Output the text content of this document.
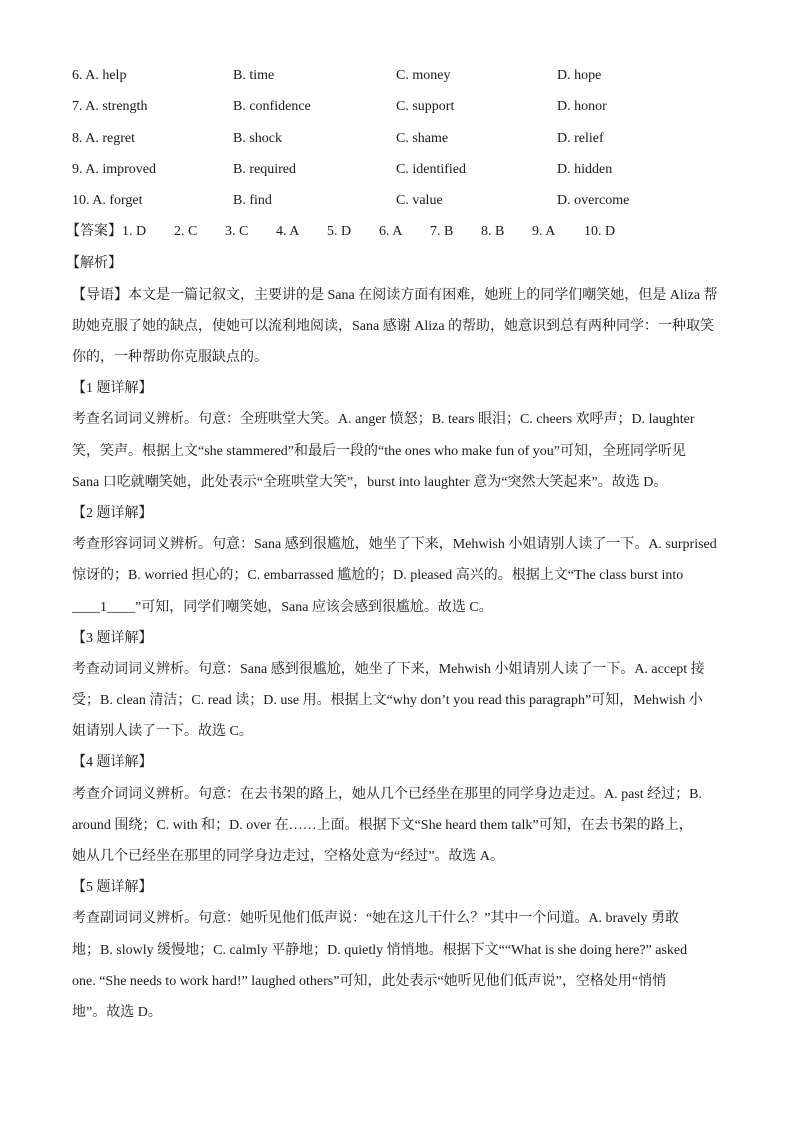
6. A. help	B. time	C. money	D. hope
7. A. strength	B. confidence	C. support	D. honor
8. A. regret	B. shock	C. shame	D. relief
9. A. improved	B. required	C. identified	D. hidden
10. A. forget	B. find	C. value	D. overcome
【答案】 1. D	2. C	3. C	4. A	5. D	6. A	7. B	8. B	9. A	10. D
【解析】
【导语】本文是一篇记叙文，主要讲的是 Sana 在阅读方面有困难，她班上的同学们嘲笑她，但是 Aliza 帮
助她克服了她的缺点，使她可以流利地阅读，Sana 感谢 Aliza 的帮助，她意识到总有两种同学：一种取笑
你的，一种帮助你克服缺点的。
【1 题详解】
考查名词词义辨析。句意：全班哄堂大笑。A. anger 愤怒；B. tears 眼泪；C. cheers 欢呼声；D. laughter
笑，笑声。根据上文“she stammered”和最后一段的“the ones who make fun of you”可知，全班同学听见
Sana 口吃就嘲笑她，此处表示“全班哄堂大笑”，burst into laughter 意为“突然大笑起来”。故选 D。
【2 题详解】
考查形容词词义辨析。句意：Sana 感到很尴尬，她坐了下来，Mehwish 小姐请别人读了一下。A. surprised
惊讶的；B. worried 担心的；C. embarrassed 尴尬的；D. pleased 高兴的。根据上文“The class burst into
____1____”可知，同学们嘲笑她，Sana 应该会感到很尴尬。故选 C。
【3 题详解】
考查动词词义辨析。句意：Sana 感到很尴尬，她坐了下来，Mehwish 小姐请别人读了一下。A. accept 接
受；B. clean 清洁；C. read 读；D. use 用。根据上文“why don’t you read this paragraph”可知，Mehwish 小
姐请别人读了一下。故选 C。
【4 题详解】
考查介词词义辨析。句意：在去书架的路上，她从几个已经坐在那里的同学身边走过。A. past 经过；B.
around 围绕；C. with 和；D. over 在……上面。根据下文“She heard them talk”可知，在去书架的路上，
她从几个已经坐在那里的同学身边走过，空格处意为“经过”。故选 A。
【5 题详解】
考查副词词义辨析。句意：她听见他们低声说：“她在这儿干什么？”其中一个问道。A. bravely 勇敢
地；B. slowly 缓慢地；C. calmly 平静地；D. quietly 悄悄地。根据下文““What is she doing here?” asked
one. “She needs to work hard!” laughed others”可知，此处表示“她听见他们低声说”，空格处用“悄悄
地”。故选 D。
